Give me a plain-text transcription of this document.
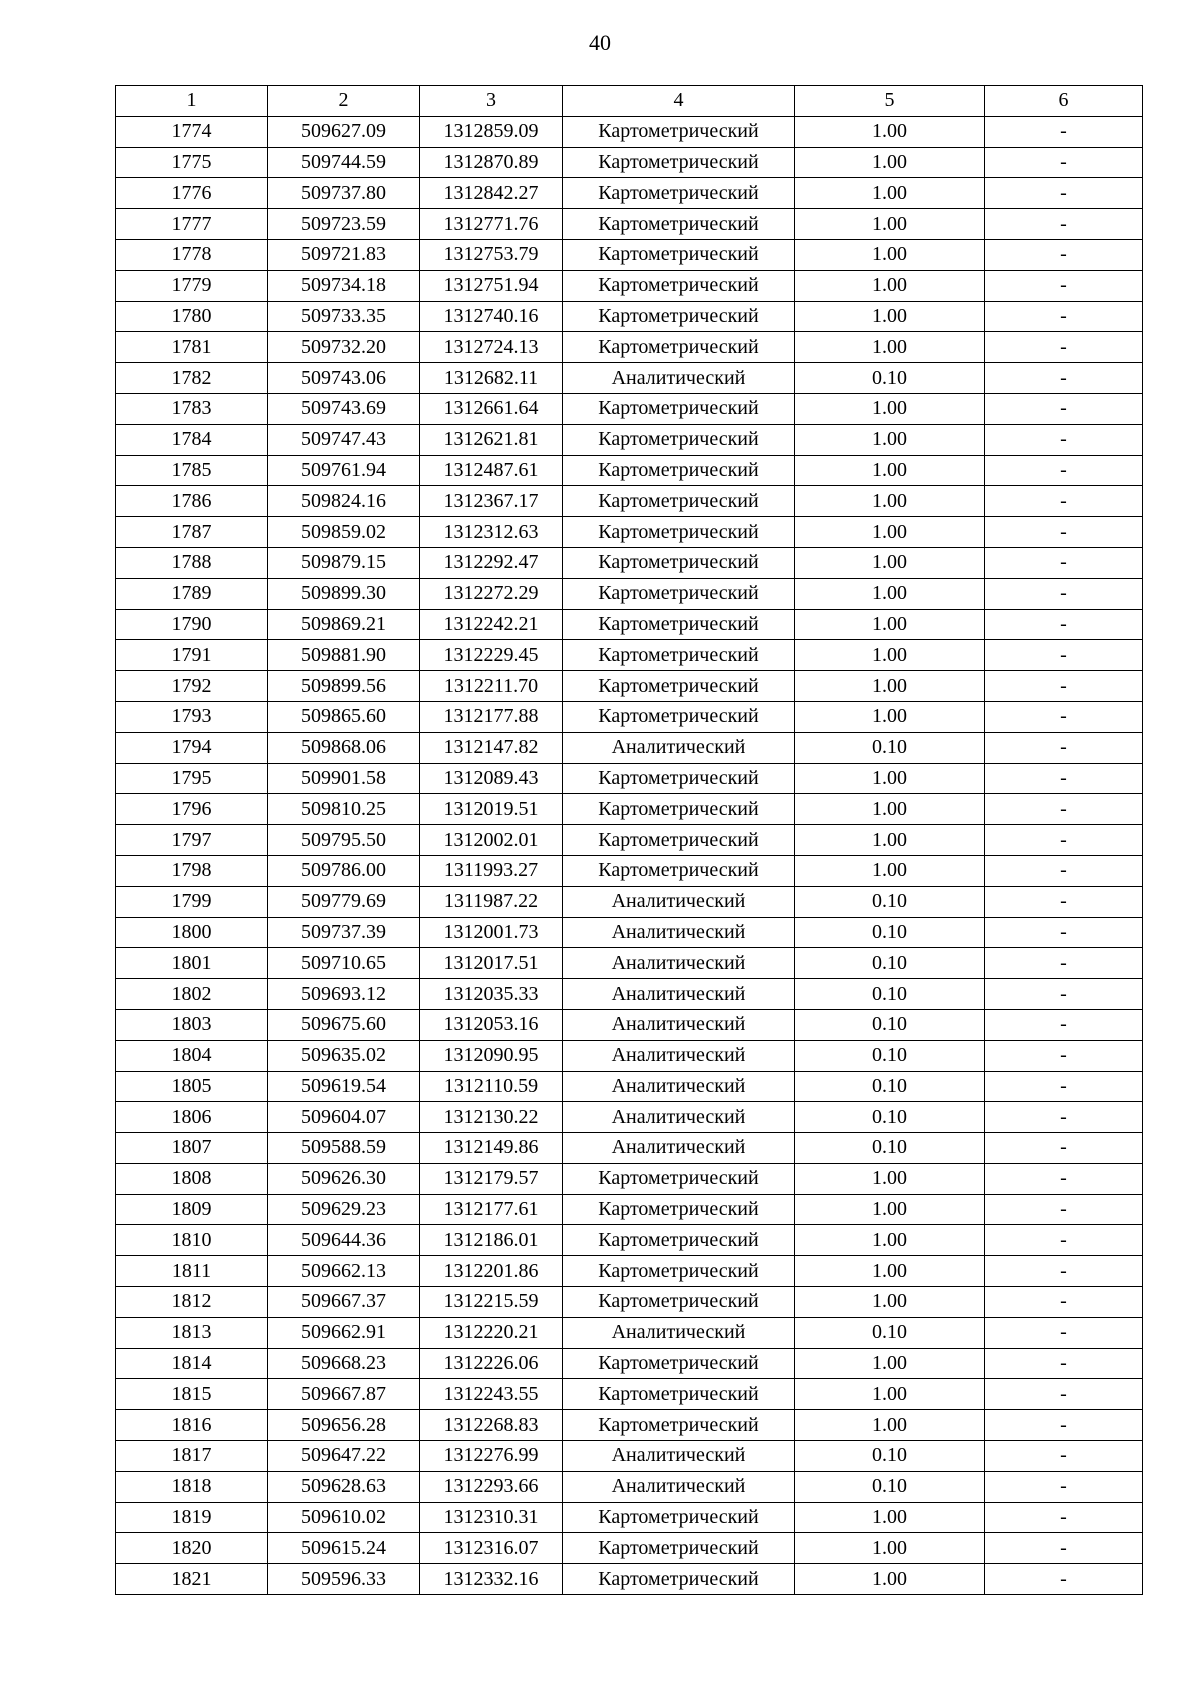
40
1	2	3	4	5	6
1774	509627.09	1312859.09	Картометрический	1.00	-
1775	509744.59	1312870.89	Картометрический	1.00	-
1776	509737.80	1312842.27	Картометрический	1.00	-
1777	509723.59	1312771.76	Картометрический	1.00	-
1778	509721.83	1312753.79	Картометрический	1.00	-
1779	509734.18	1312751.94	Картометрический	1.00	-
1780	509733.35	1312740.16	Картометрический	1.00	-
1781	509732.20	1312724.13	Картометрический	1.00	-
1782	509743.06	1312682.11	Аналитический	0.10	-
1783	509743.69	1312661.64	Картометрический	1.00	-
1784	509747.43	1312621.81	Картометрический	1.00	-
1785	509761.94	1312487.61	Картометрический	1.00	-
1786	509824.16	1312367.17	Картометрический	1.00	-
1787	509859.02	1312312.63	Картометрический	1.00	-
1788	509879.15	1312292.47	Картометрический	1.00	-
1789	509899.30	1312272.29	Картометрический	1.00	-
1790	509869.21	1312242.21	Картометрический	1.00	-
1791	509881.90	1312229.45	Картометрический	1.00	-
1792	509899.56	1312211.70	Картометрический	1.00	-
1793	509865.60	1312177.88	Картометрический	1.00	-
1794	509868.06	1312147.82	Аналитический	0.10	-
1795	509901.58	1312089.43	Картометрический	1.00	-
1796	509810.25	1312019.51	Картометрический	1.00	-
1797	509795.50	1312002.01	Картометрический	1.00	-
1798	509786.00	1311993.27	Картометрический	1.00	-
1799	509779.69	1311987.22	Аналитический	0.10	-
1800	509737.39	1312001.73	Аналитический	0.10	-
1801	509710.65	1312017.51	Аналитический	0.10	-
1802	509693.12	1312035.33	Аналитический	0.10	-
1803	509675.60	1312053.16	Аналитический	0.10	-
1804	509635.02	1312090.95	Аналитический	0.10	-
1805	509619.54	1312110.59	Аналитический	0.10	-
1806	509604.07	1312130.22	Аналитический	0.10	-
1807	509588.59	1312149.86	Аналитический	0.10	-
1808	509626.30	1312179.57	Картометрический	1.00	-
1809	509629.23	1312177.61	Картометрический	1.00	-
1810	509644.36	1312186.01	Картометрический	1.00	-
1811	509662.13	1312201.86	Картометрический	1.00	-
1812	509667.37	1312215.59	Картометрический	1.00	-
1813	509662.91	1312220.21	Аналитический	0.10	-
1814	509668.23	1312226.06	Картометрический	1.00	-
1815	509667.87	1312243.55	Картометрический	1.00	-
1816	509656.28	1312268.83	Картометрический	1.00	-
1817	509647.22	1312276.99	Аналитический	0.10	-
1818	509628.63	1312293.66	Аналитический	0.10	-
1819	509610.02	1312310.31	Картометрический	1.00	-
1820	509615.24	1312316.07	Картометрический	1.00	-
1821	509596.33	1312332.16	Картометрический	1.00	-
